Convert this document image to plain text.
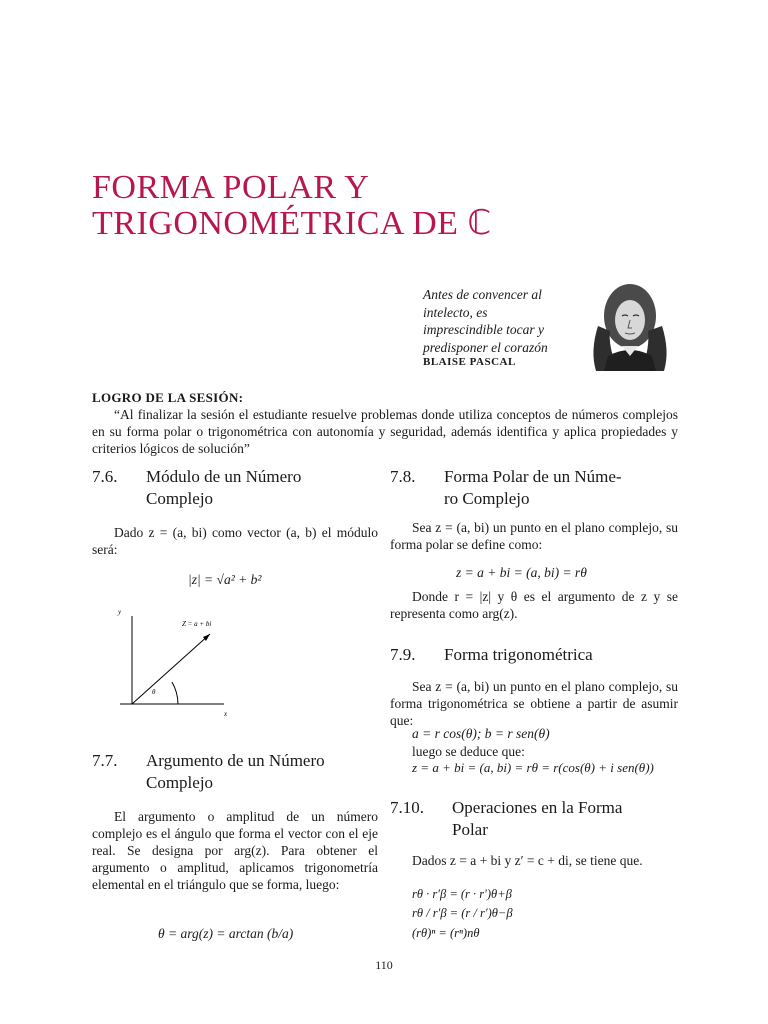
FORMA POLAR Y
TRIGONOMÉTRICA DE ℂ
Antes de convencer al
intelecto, es
imprescindible tocar y
predisponer el corazón
BLAISE PASCAL
LOGRO DE LA SESIÓN:

“Al finalizar la sesión el estudiante resuelve problemas donde utiliza conceptos de números complejos en su forma polar o trigonométrica con autonomía y seguridad, además identifica y aplica propiedades y criterios lógicos de solución”

7.6. Módulo de un Número
Complejo

Dado z = (a, bi) como vector (a, b) el módulo será:

|z| = √a² + b²
y
x
Z = a + bi
θ
7.7. Argumento de un Número
Complejo

El argumento o amplitud de un número complejo es el ángulo que forma el vector con el eje real. Se designa por arg(z). Para obtener el argumento o amplitud, aplicamos trigonometría elemental en el triángulo que se forma, luego:

θ = arg(z) = arctan (b/a)
7.8. Forma Polar de un Núme-
ro Complejo

Sea z = (a, bi) un punto en el plano complejo, su forma polar se define como:

z = a + bi = (a, bi) = rθ

Donde r = |z| y θ es el argumento de z y se representa como arg(z).

7.9. Forma trigonométrica

Sea z = (a, bi) un punto en el plano complejo, su forma trigonométrica se obtiene a partir de asumir que:

a = r cos(θ); b = r sen(θ)
luego se deduce que:
z = a + bi = (a, bi) = rθ = r(cos(θ) + i sen(θ))
7.10. Operaciones en la Forma
Polar

Dados z = a + bi y z′ = c + di, se tiene que.

rθ · r′β = (r · r′)θ+β
rθ / r′β = (r / r′)θ−β
(rθ)ⁿ = (rⁿ)nθ
110
